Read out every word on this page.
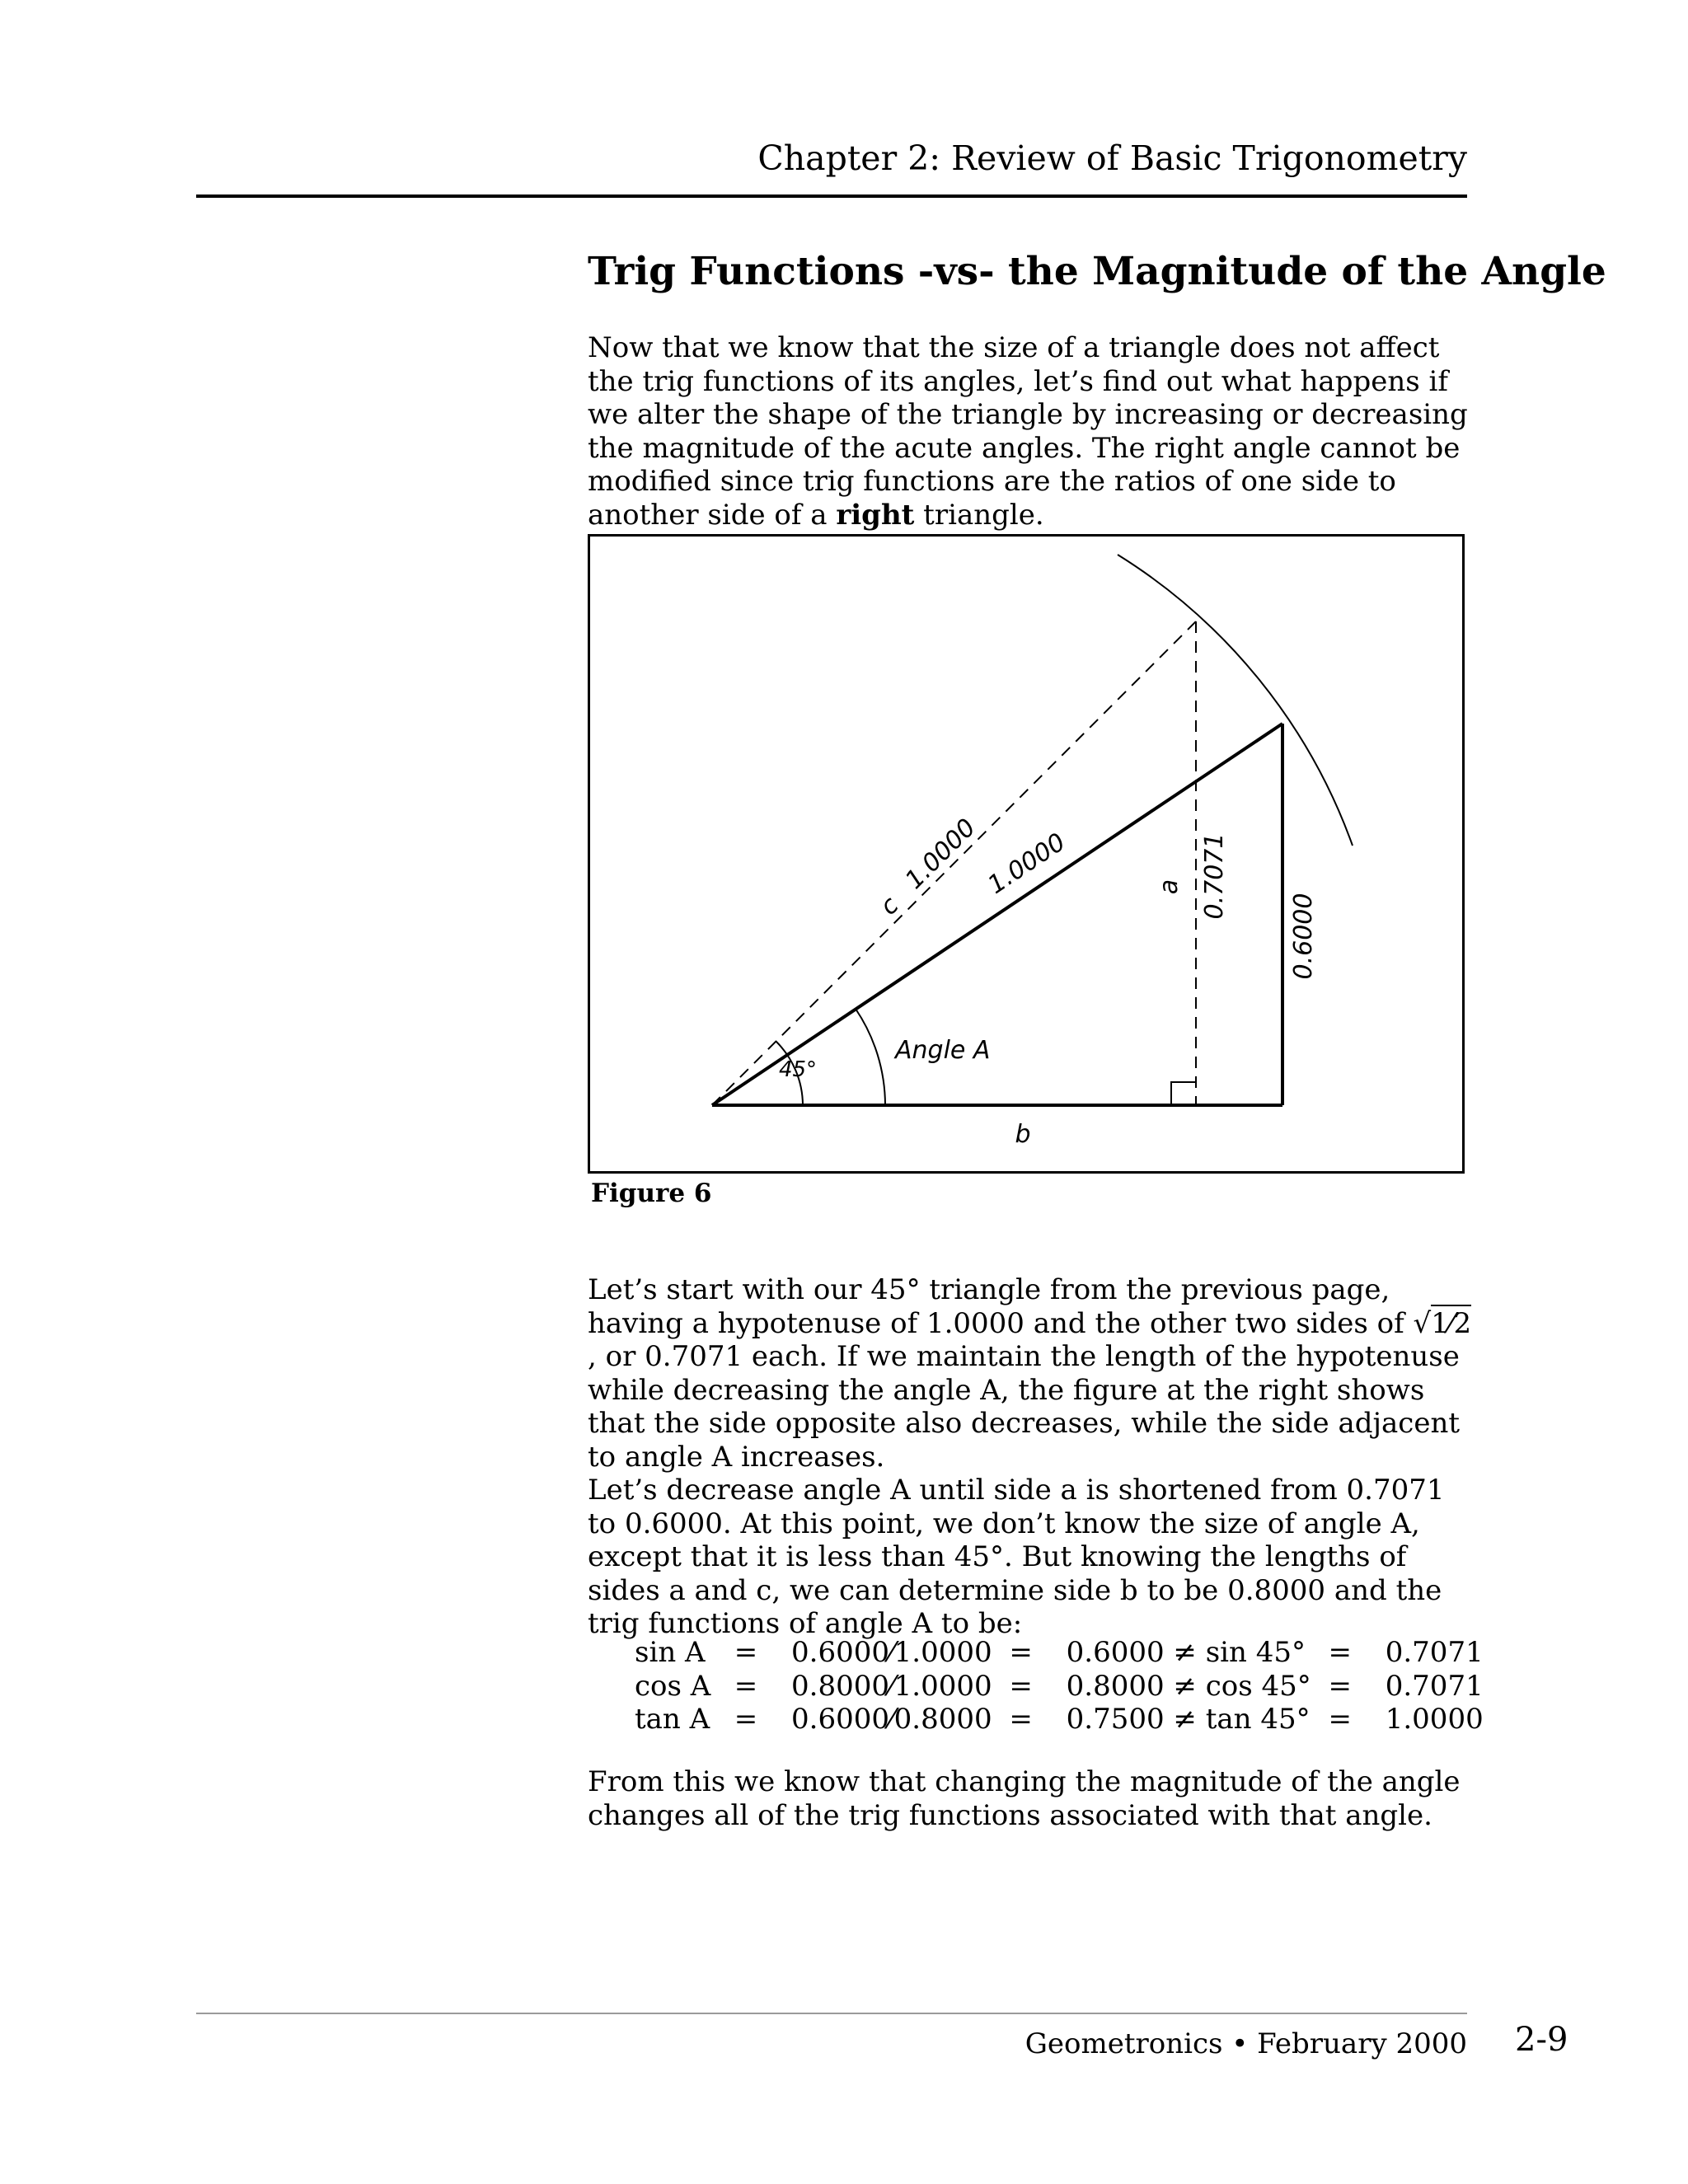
Chapter 2: Review of Basic Trigonometry
Trig Functions -vs- the Magnitude of the Angle

Now that we know that the size of a triangle does not affect the trig functions of its angles, let’s find out what happens if we alter the shape of the triangle by increasing or decreasing the magnitude of the acute angles. The right angle cannot be modified since trig functions are the ratios of one side to another side of a right triangle.

c
1.0000 1.0000	a 0.7071
0.6000
45°
Angle A
b
Figure 6

Let’s start with our 45° triangle from the previous page, having a hypotenuse of 1.0000 and the other two sides of √1⁄2 , or 0.7071 each. If we maintain the length of the hypotenuse while decreasing the angle A, the figure at the right shows that the side opposite also decreases, while the side adjacent to angle A increases.

Let’s decrease angle A until side a is shortened from 0.7071 to 0.6000. At this point, we don’t know the size of angle A, except that it is less than 45°. But knowing the lengths of sides a and c, we can determine side b to be 0.8000 and the trig functions of angle A to be:

sin A	=	0.6000⁄1.0000	=	0.6000 ≠ sin 45°	=	0.7071
cos A	=	0.8000⁄1.0000	=	0.8000 ≠ cos 45°	=	0.7071
tan A	=	0.6000⁄0.8000	=	0.7500 ≠ tan 45°	=	1.0000

From this we know that changing the magnitude of the angle changes all of the trig functions associated with that angle.

Geometronics • February 2000 2-9
